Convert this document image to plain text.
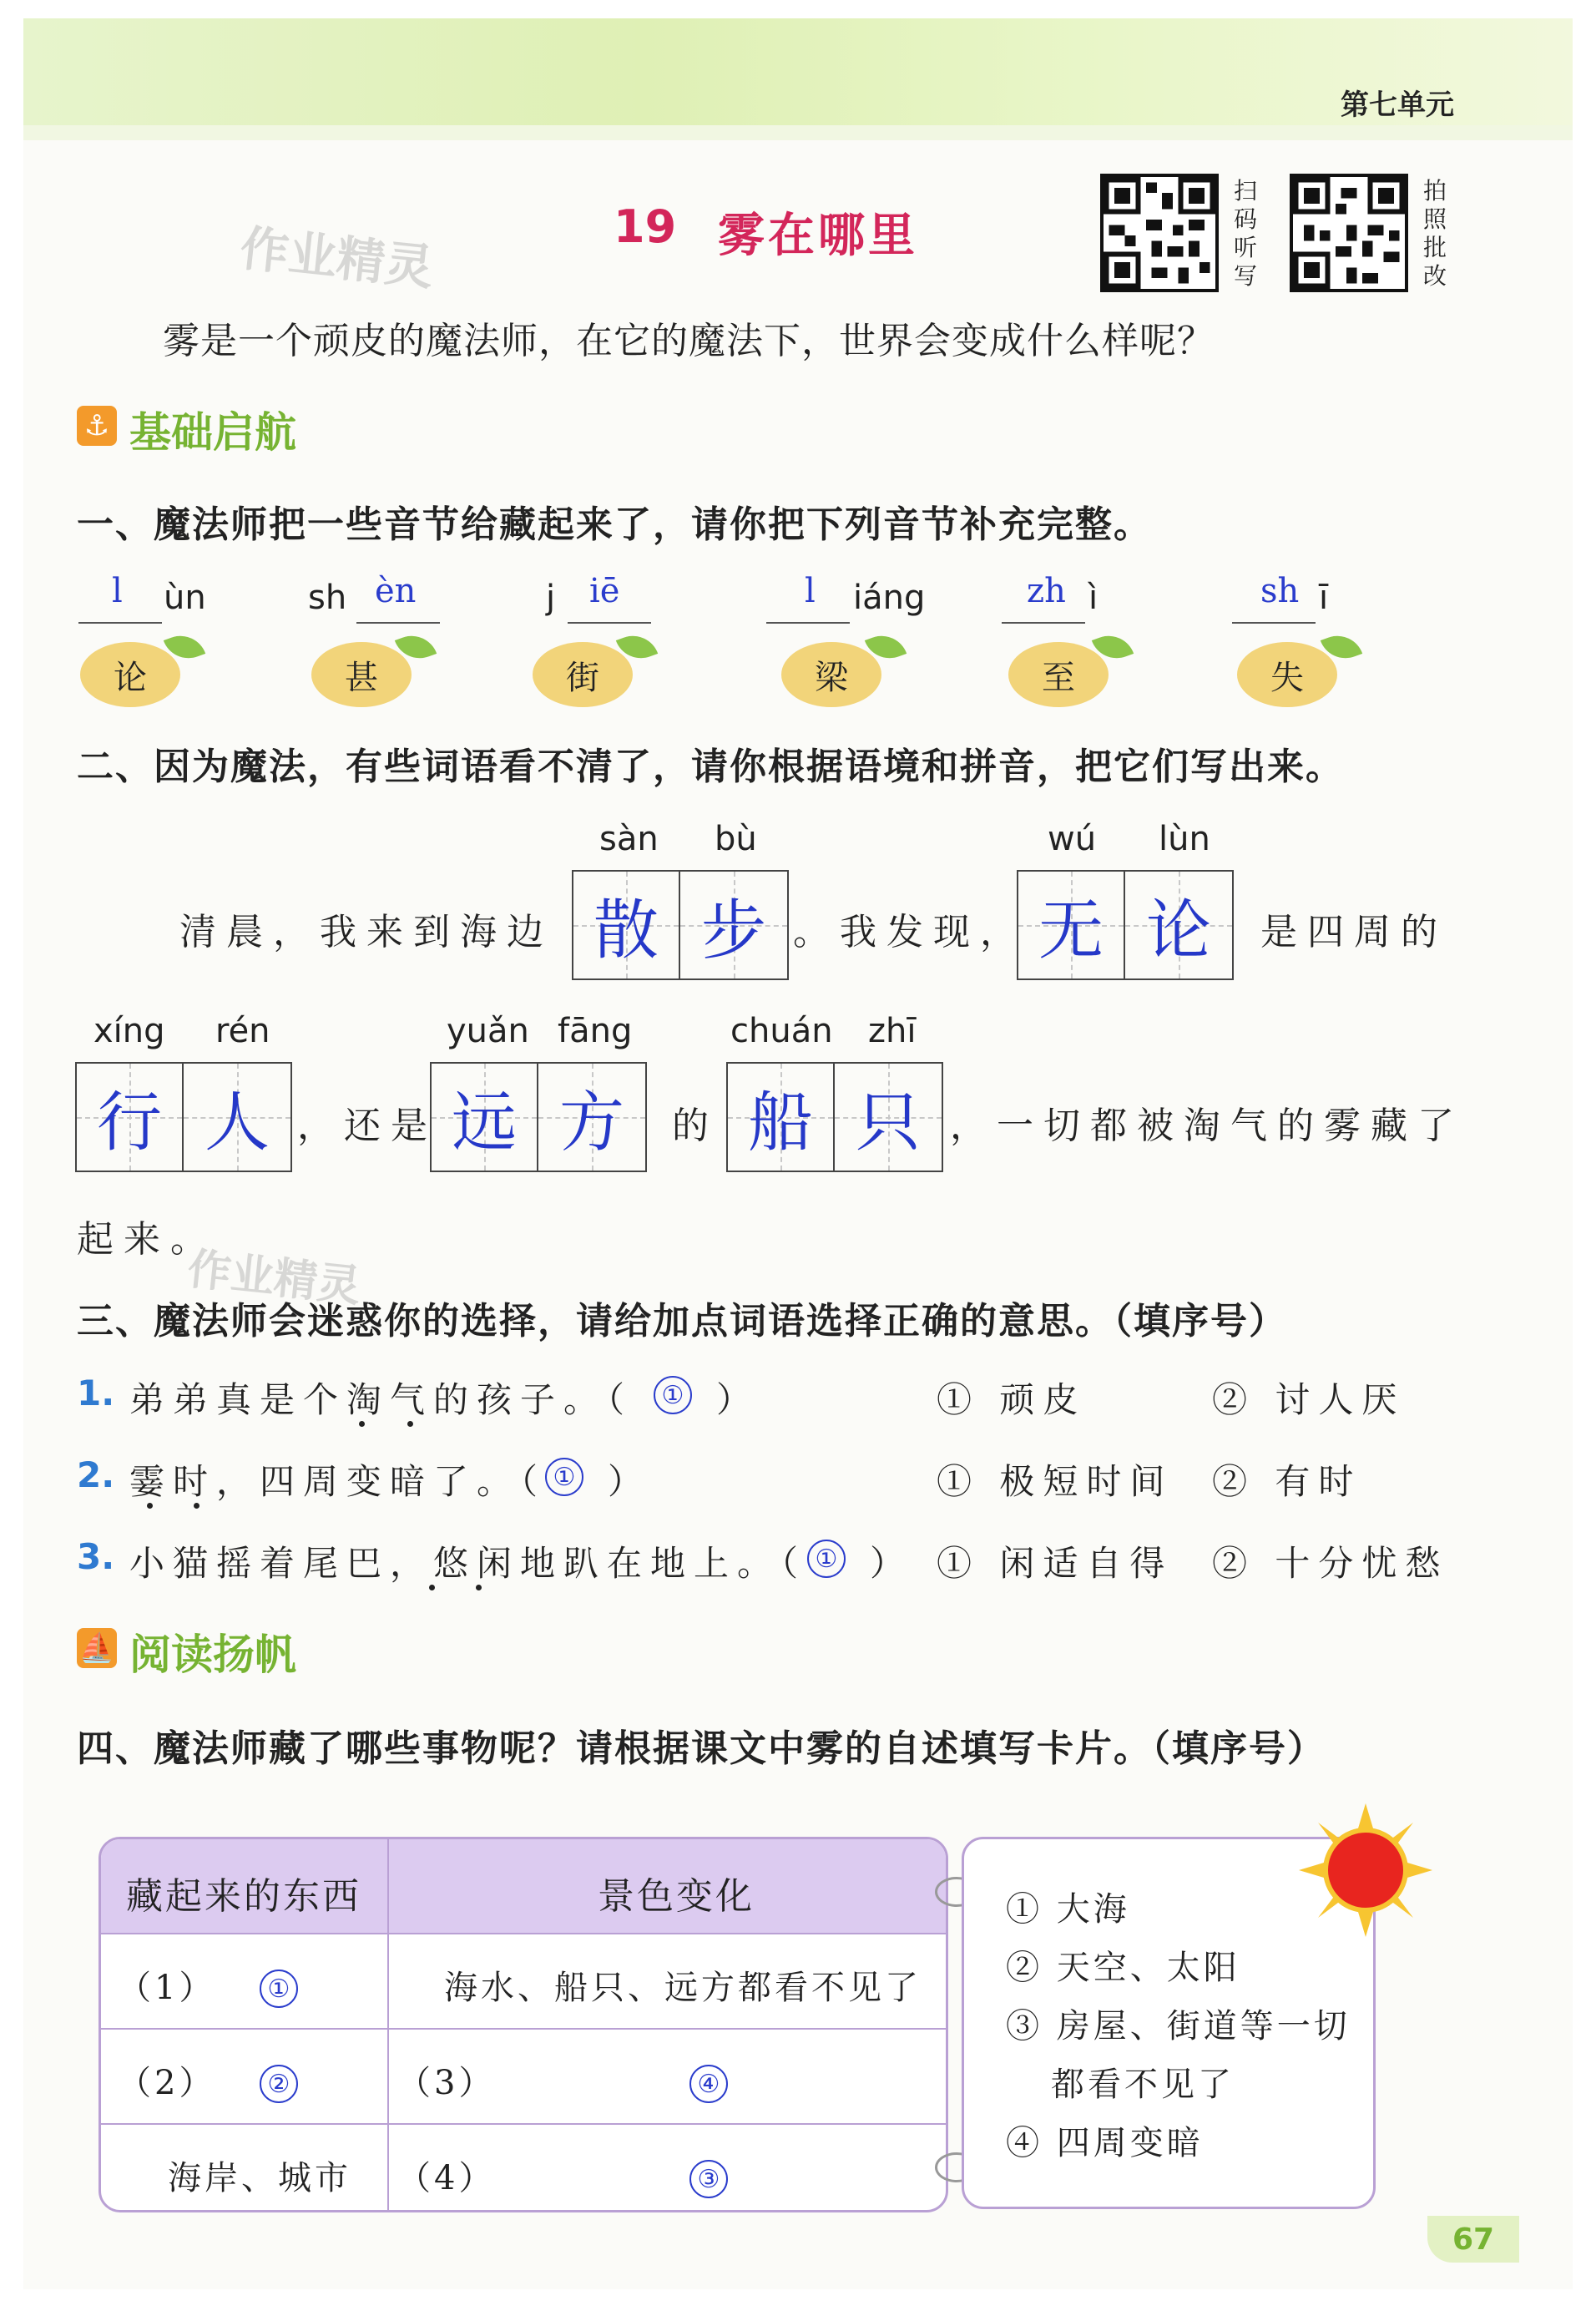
第七单元
19 雾在哪里
作业精灵
作业精灵
扫
码
听
写
拍
照
批
改
雾是一个顽皮的魔法师，在它的魔法下，世界会变成什么样呢？
⚓ 基础启航
一、魔法师把一些音节给藏起来了，请你把下列音节补充完整。
l ùn
论
sh èn
甚
j iē
街
l iáng
梁
zh ì
至
sh ī
失
二、因为魔法，有些词语看不清了，请你根据语境和拼音，把它们写出来。
清晨，我来到海边
sàn bù
散 步 。我发现，
wú lùn
无 论 是四周的
xíng rén
行 人 ，还是
yuǎn fāng
远 方 的
chuán zhī
船 只 ，一切都被淘气的雾藏了
起来。
三、魔法师会迷惑你的选择，请给加点词语选择正确的意思。（填序号）
1. 弟弟真是个淘气的孩子。（	① ）	① 顽皮	② 讨人厌
2. 霎时，四周变暗了。（ ① ）	① 极短时间 ② 有时
3. 小猫摇着尾巴，悠闲地趴在地上。（ ① ） ① 闲适自得 ② 十分忧愁
⛵ 阅读扬帆
四、魔法师藏了哪些事物呢？请根据课文中雾的自述填写卡片。（填序号）
藏起来的东西	景色变化
（1）	①	海水、船只、远方都看不见了
（2）	②	（3）	④
海岸、城市 （4）	③
① 大海
② 天空、太阳
③ 房屋、街道等一切
都看不见了
④ 四周变暗
67
